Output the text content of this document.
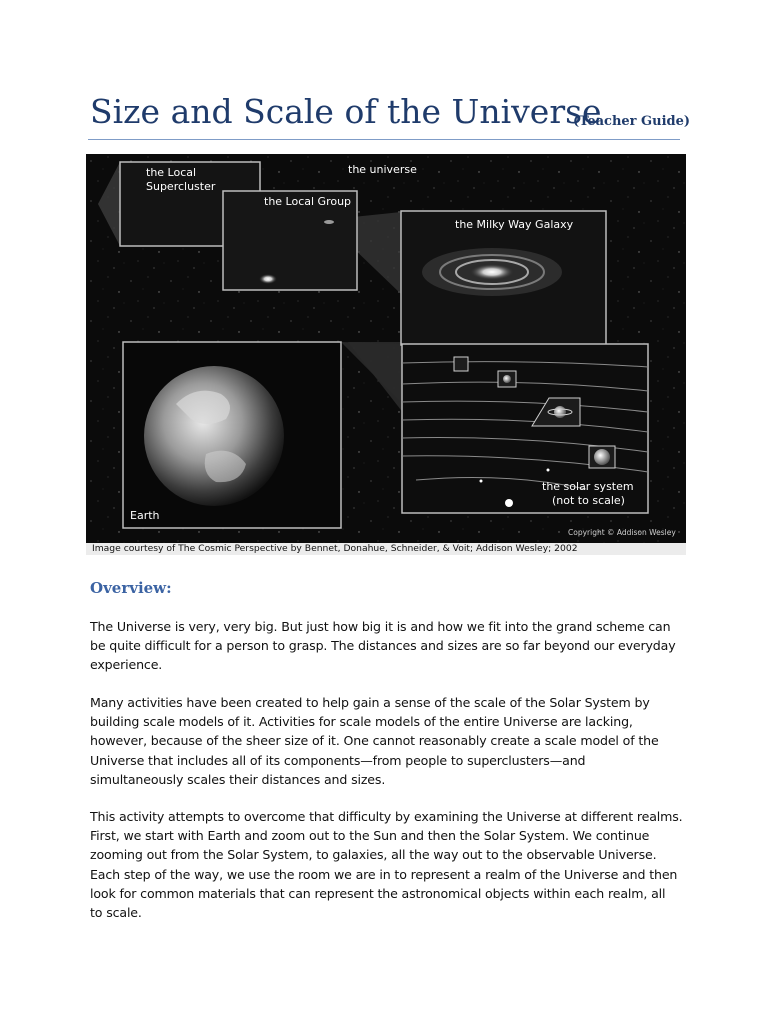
Size and Scale of the Universe
(Teacher Guide)
the Local
Supercluster
the universe
the Local Group
the Milky Way Galaxy
Earth
the solar system
(not to scale)
Copyright © Addison Wesley
Image courtesy of The Cosmic Perspective by Bennet, Donahue, Schneider, & Voit; Addison Wesley; 2002
Overview:

The Universe is very, very big. But just how big it is and how we fit into the grand scheme can
be quite difficult for a person to grasp. The distances and sizes are so far beyond our everyday
experience.

Many activities have been created to help gain a sense of the scale of the Solar System by
building scale models of it. Activities for scale models of the entire Universe are lacking,
however, because of the sheer size of it. One cannot reasonably create a scale model of the
Universe that includes all of its components—from people to superclusters—and
simultaneously scales their distances and sizes.

This activity attempts to overcome that difficulty by examining the Universe at different realms.
First, we start with Earth and zoom out to the Sun and then the Solar System. We continue
zooming out from the Solar System, to galaxies, all the way out to the observable Universe.
Each step of the way, we use the room we are in to represent a realm of the Universe and then
look for common materials that can represent the astronomical objects within each realm, all
to scale.
